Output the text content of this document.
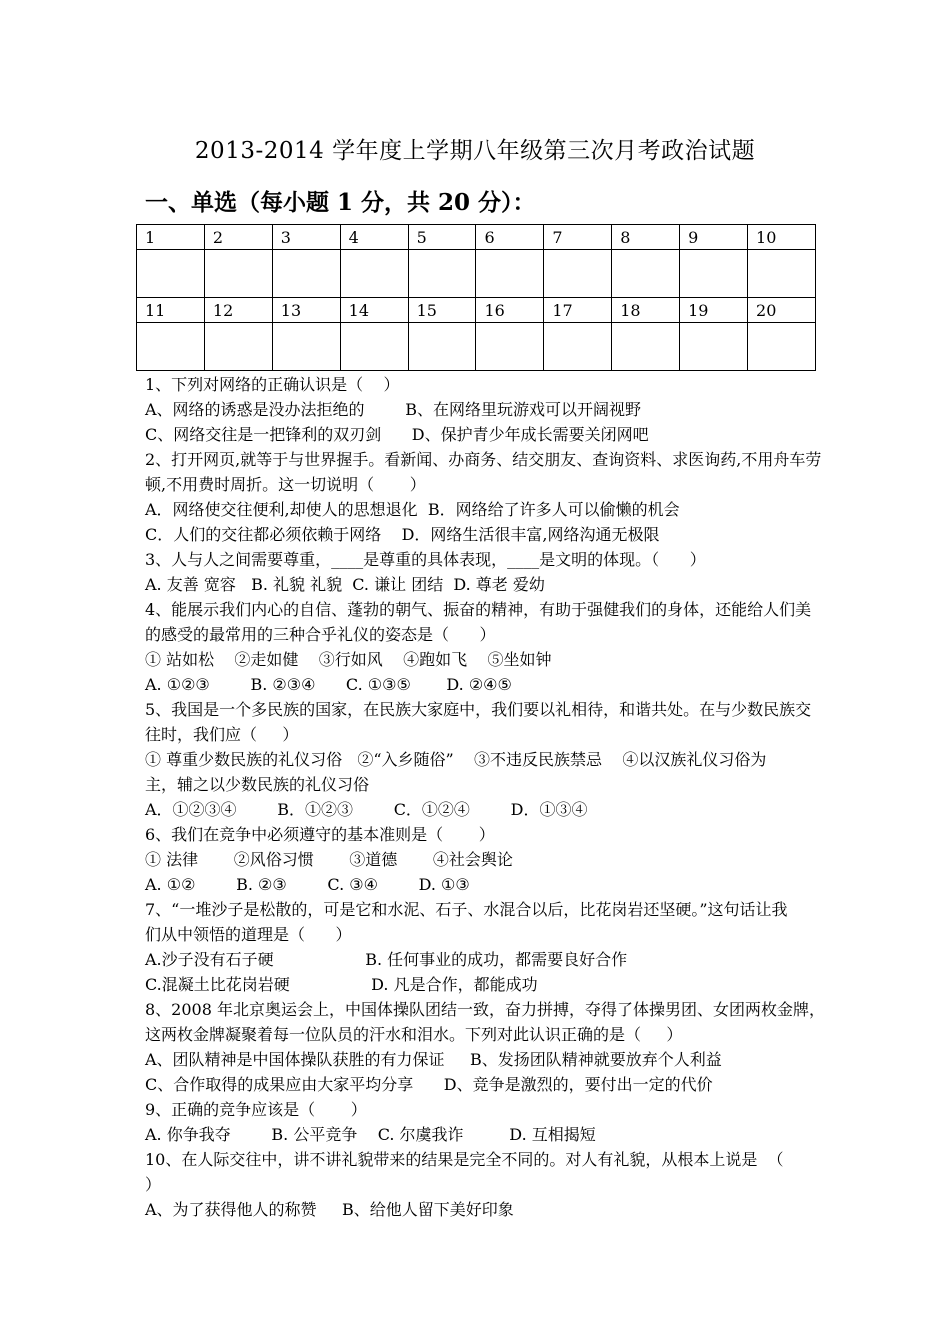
2013-2014 学年度上学期八年级第三次月考政治试题
一、单选（每小题 1 分，共 20 分）：
1	2	3	4	5	6	7	8	9	10

11	12	13	14	15	16	17	18	19	20

1、下列对网络的正确认识是（    ）
A、网络的诱惑是没办法拒绝的        B、在网络里玩游戏可以开阔视野
C、网络交往是一把锋利的双刃剑      D、保护青少年成长需要关闭网吧
2、打开网页,就等于与世界握手。看新闻、办商务、结交朋友、查询资料、求医询药,不用舟车劳
顿,不用费时周折。这一切说明（       ）
A．网络使交往便利,却使人的思想退化  B．网络给了许多人可以偷懒的机会
C．人们的交往都必须依赖于网络    D．网络生活很丰富,网络沟通无极限
3、人与人之间需要尊重，____是尊重的具体表现，____是文明的体现。（      ）
A. 友善 宽容   B. 礼貌 礼貌  C. 谦让 团结  D. 尊老 爱幼
4、能展示我们内心的自信、蓬勃的朝气、振奋的精神，有助于强健我们的身体，还能给人们美
的感受的最常用的三种合乎礼仪的姿态是（      ）
① 站如松    ②走如健    ③行如风    ④跑如飞    ⑤坐如钟
A. ①②③        B. ②③④      C. ①③⑤       D. ②④⑤
5、我国是一个多民族的国家，在民族大家庭中，我们要以礼相待，和谐共处。在与少数民族交
往时，我们应（     ）
① 尊重少数民族的礼仪习俗   ②“入乡随俗”    ③不违反民族禁忌    ④以汉族礼仪习俗为
主，辅之以少数民族的礼仪习俗
A．①②③④        B．①②③        C．①②④        D．①③④
6、我们在竞争中必须遵守的基本准则是（       ）
① 法律       ②风俗习惯       ③道德       ④社会舆论
A. ①②        B. ②③        C. ③④        D. ①③
7、“一堆沙子是松散的，可是它和水泥、石子、水混合以后，比花岗岩还坚硬。”这句话让我
们从中领悟的道理是（      ）
A.沙子没有石子硬                  B. 任何事业的成功，都需要良好合作
C.混凝土比花岗岩硬                D. 凡是合作，都能成功
8、2008 年北京奥运会上，中国体操队团结一致，奋力拼搏，夺得了体操男团、女团两枚金牌，
这两枚金牌凝聚着每一位队员的汗水和泪水。下列对此认识正确的是（     ）
A、团队精神是中国体操队获胜的有力保证     B、发扬团队精神就要放弃个人利益
C、合作取得的成果应由大家平均分享      D、竞争是激烈的，要付出一定的代价
9、正确的竞争应该是（       ）
A. 你争我夺        B. 公平竞争    C. 尔虞我诈         D. 互相揭短
10、在人际交往中，讲不讲礼貌带来的结果是完全不同的。对人有礼貌，从根本上说是  （
）
A、为了获得他人的称赞     B、给他人留下美好印象
